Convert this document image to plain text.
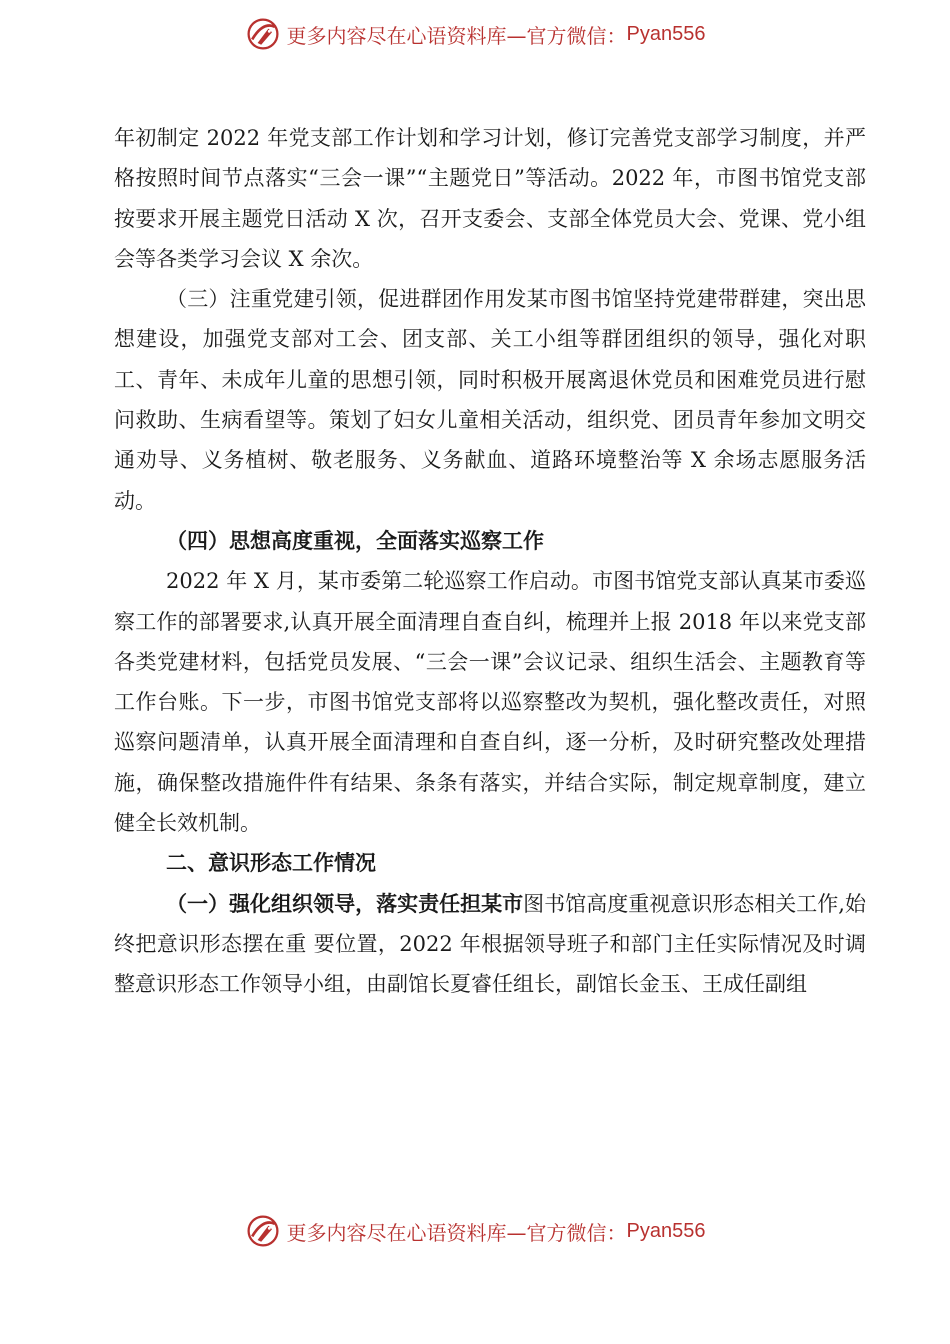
更多内容尽在心语资料库—官方微信： Pyan556

年初制定 2022 年党支部工作计划和学习计划，修订完善党支部学习制度，并严格按照时间节点落实“三会一课”“主题党日”等活动。2022 年，市图书馆党支部按要求开展主题党日活动 X 次，召开支委会、支部全体党员大会、党课、党小组会等各类学习会议 X 余次。

（三）注重党建引领，促进群团作用发某市图书馆坚持党建带群建，突出思想建设，加强党支部对工会、团支部、关工小组等群团组织的领导，强化对职工、青年、未成年儿童的思想引领，同时积极开展离退休党员和困难党员进行慰问救助、生病看望等。策划了妇女儿童相关活动，组织党、团员青年参加文明交通劝导、义务植树、敬老服务、义务献血、道路环境整治等 X 余场志愿服务活动。

（四）思想高度重视，全面落实巡察工作

2022 年 X 月，某市委第二轮巡察工作启动。市图书馆党支部认真某市委巡察工作的部署要求,认真开展全面清理自查自纠，梳理并上报 2018 年以来党支部各类党建材料，包括党员发展、“三会一课”会议记录、组织生活会、主题教育等工作台账。下一步，市图书馆党支部将以巡察整改为契机，强化整改责任，对照巡察问题清单，认真开展全面清理和自查自纠，逐一分析，及时研究整改处理措施，确保整改措施件件有结果、条条有落实，并结合实际，制定规章制度，建立健全长效机制。

二、意识形态工作情况

（一）强化组织领导，落实责任担某市图书馆高度重视意识形态相关工作,始终把意识形态摆在重 要位置，2022 年根据领导班子和部门主任实际情况及时调整意识形态工作领导小组，由副馆长夏睿任组长，副馆长金玉、王成任副组

更多内容尽在心语资料库—官方微信： Pyan556
